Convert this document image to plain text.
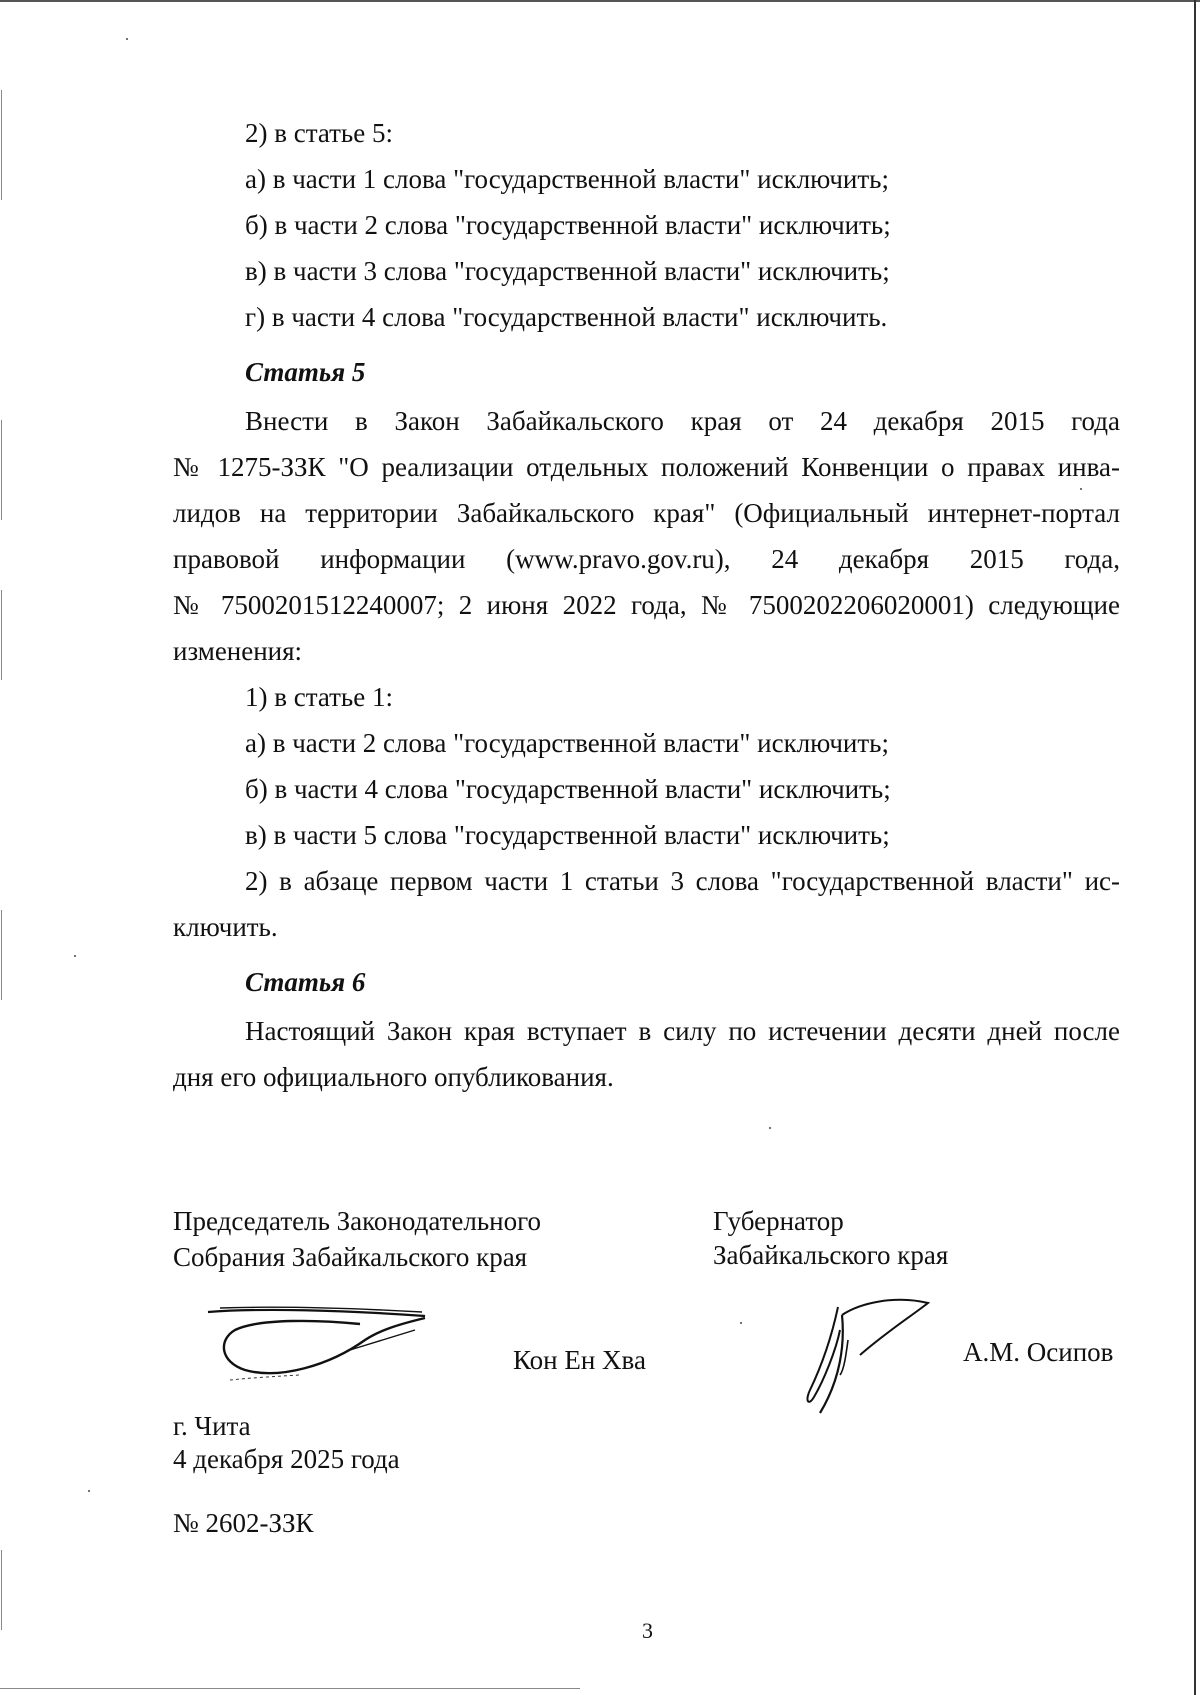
2) в статье 5:
а) в части 1 слова "государственной власти" исключить;
б) в части 2 слова "государственной власти" исключить;
в) в части 3 слова "государственной власти" исключить;
г) в части 4 слова "государственной власти" исключить.
Статья 5
Внести в Закон Забайкальского края от 24 декабря 2015 года
№ 1275-ЗЗК "О реализации отдельных положений Конвенции о правах инва-
лидов на территории Забайкальского края" (Официальный интернет-портал
правовой информации (www.pravo.gov.ru), 24 декабря 2015 года,
№ 7500201512240007; 2 июня 2022 года, № 7500202206020001) следующие
изменения:
1) в статье 1:
а) в части 2 слова "государственной власти" исключить;
б) в части 4 слова "государственной власти" исключить;
в) в части 5 слова "государственной власти" исключить;
2) в абзаце первом части 1 статьи 3 слова "государственной власти" ис-
ключить.
Статья 6
Настоящий Закон края вступает в силу по истечении десяти дней после
дня его официального опубликования.
Председатель Законодательного
Собрания Забайкальского края
Губернатор
Забайкальского края
Кон Ен Хва	А.М. Осипов
г. Чита
4 декабря 2025 года
№ 2602-ЗЗК
3
